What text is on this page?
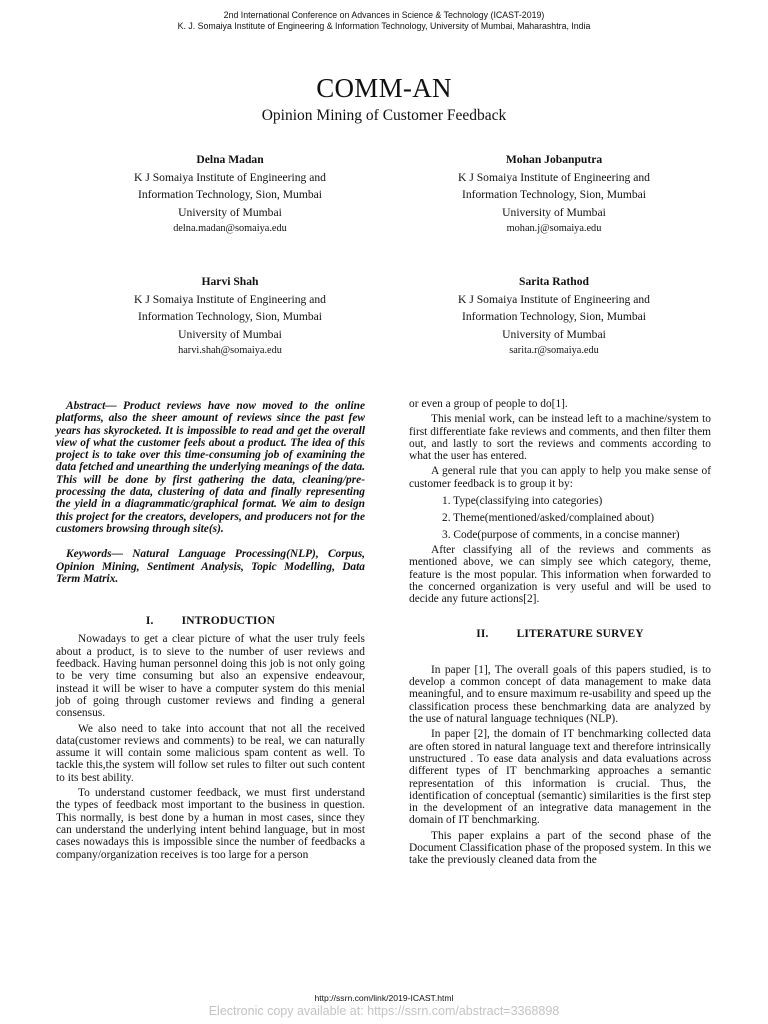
2nd International Conference on Advances in Science & Technology (ICAST-2019)
K. J. Somaiya Institute of Engineering & Information Technology, University of Mumbai, Maharashtra, India
COMM-AN
Opinion Mining of Customer Feedback
Delna Madan
K J Somaiya Institute of Engineering and
Information Technology, Sion, Mumbai
University of Mumbai
delna.madan@somaiya.edu
Mohan Jobanputra
K J Somaiya Institute of Engineering and
Information Technology, Sion, Mumbai
University of Mumbai
mohan.j@somaiya.edu
Harvi Shah
K J Somaiya Institute of Engineering and
Information Technology, Sion, Mumbai
University of Mumbai
harvi.shah@somaiya.edu
Sarita Rathod
K J Somaiya Institute of Engineering and
Information Technology, Sion, Mumbai
University of Mumbai
sarita.r@somaiya.edu

Abstract— Product reviews have now moved to the online platforms, also the sheer amount of reviews since the past few years has skyrocketed. It is impossible to read and get the overall view of what the customer feels about a product. The idea of this project is to take over this time-consuming job of examining the data fetched and unearthing the underlying meanings of the data. This will be done by first gathering the data, cleaning/pre-processing the data, clustering of data and finally representing the yield in a diagrammatic/graphical format. We aim to design this project for the creators, developers, and producers not for the customers browsing through site(s).

Keywords— Natural Language Processing(NLP), Corpus, Opinion Mining, Sentiment Analysis, Topic Modelling, Data Term Matrix.

I. INTRODUCTION

Nowadays to get a clear picture of what the user truly feels about a product, is to sieve to the number of user reviews and feedback. Having human personnel doing this job is not only going to be very time consuming but also an expensive endeavour, instead it will be wiser to have a computer system do this menial job of going through customer reviews and finding a general consensus.

We also need to take into account that not all the received data(customer reviews and comments) to be real, we can naturally assume it will contain some malicious spam content as well. To tackle this,the system will follow set rules to filter out such content to its best ability.

To understand customer feedback, we must first understand the types of feedback most important to the business in question. This normally, is best done by a human in most cases, since they can understand the underlying intent behind language, but in most cases nowadays this is impossible since the number of feedbacks a company/organization receives is too large for a person

or even a group of people to do[1].

This menial work, can be instead left to a machine/system to first differentiate fake reviews and comments, and then filter them out, and lastly to sort the reviews and comments according to what the user has entered.

A general rule that you can apply to help you make sense of customer feedback is to group it by:

1. Type(classifying into categories)
2. Theme(mentioned/asked/complained about)
3. Code(purpose of comments, in a concise manner)

After classifying all of the reviews and comments as mentioned above, we can simply see which category, theme, feature is the most popular. This information when forwarded to the concerned organization is very useful and will be used to decide any future actions[2].

II. LITERATURE SURVEY

In paper [1], The overall goals of this papers studied, is to develop a common concept of data management to make data meaningful, and to ensure maximum re-usability and speed up the classification process these benchmarking data are analyzed by the use of natural language techniques (NLP).

In paper [2], the domain of IT benchmarking collected data are often stored in natural language text and therefore intrinsically unstructured . To ease data analysis and data evaluations across different types of IT benchmarking approaches a semantic representation of this information is crucial. Thus, the identification of conceptual (semantic) similarities is the first step in the development of an integrative data management in the domain of IT benchmarking.

This paper explains a part of the second phase of the Document Classification phase of the proposed system. In this we take the previously cleaned data from the

http://ssrn.com/link/2019-ICAST.html
Electronic copy available at: https://ssrn.com/abstract=3368898
